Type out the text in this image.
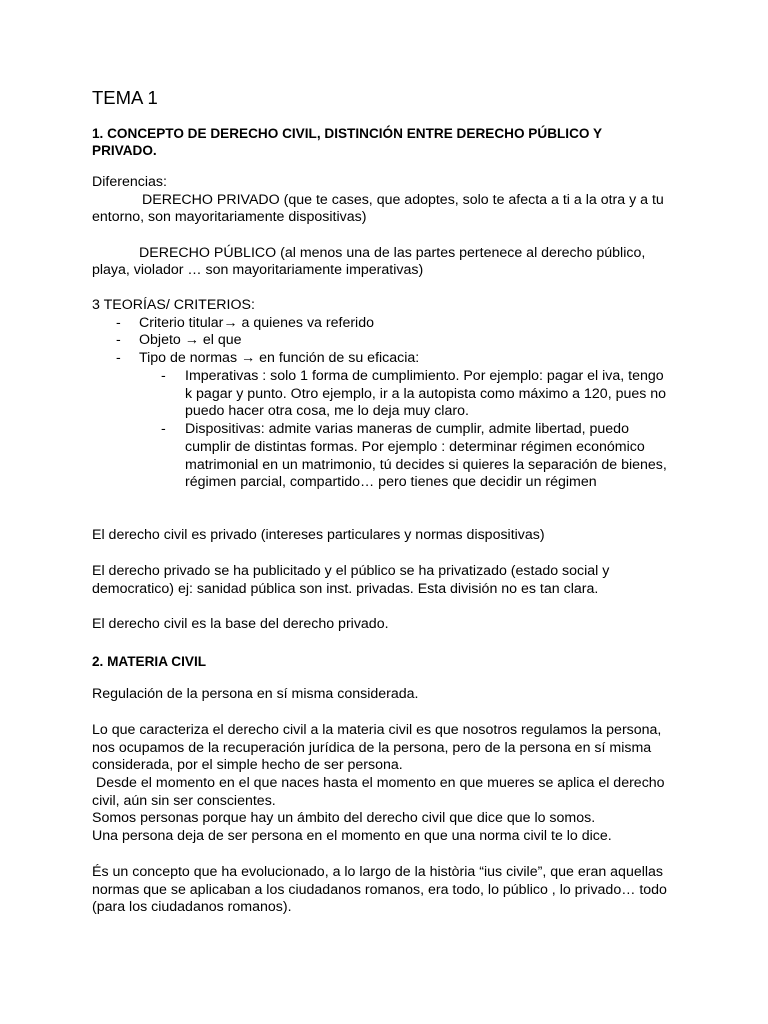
TEMA 1
1. CONCEPTO DE DERECHO CIVIL, DISTINCIÓN ENTRE DERECHO PÚBLICO Y
PRIVADO.
Diferencias:
DERECHO PRIVADO (que te cases, que adoptes, solo te afecta a ti a la otra y a tu
entorno, son mayoritariamente dispositivas)
DERECHO PÚBLICO (al menos una de las partes pertenece al derecho público,
playa, violador … son mayoritariamente imperativas)
3 TEORÍAS/ CRITERIOS:
- Criterio titular→ a quienes va referido
- Objeto → el que
- Tipo de normas → en función de su eficacia:
- Imperativas : solo 1 forma de cumplimiento. Por ejemplo: pagar el iva, tengo
k pagar y punto. Otro ejemplo, ir a la autopista como máximo a 120, pues no
puedo hacer otra cosa, me lo deja muy claro.
- Dispositivas: admite varias maneras de cumplir, admite libertad, puedo
cumplir de distintas formas. Por ejemplo : determinar régimen económico
matrimonial en un matrimonio, tú decides si quieres la separación de bienes,
régimen parcial, compartido… pero tienes que decidir un régimen
El derecho civil es privado (intereses particulares y normas dispositivas)
El derecho privado se ha publicitado y el público se ha privatizado (estado social y
democratico) ej: sanidad pública son inst. privadas. Esta división no es tan clara.
El derecho civil es la base del derecho privado.
2. MATERIA CIVIL
Regulación de la persona en sí misma considerada.
Lo que caracteriza el derecho civil a la materia civil es que nosotros regulamos la persona,
nos ocupamos de la recuperación jurídica de la persona, pero de la persona en sí misma
considerada, por el simple hecho de ser persona.
Desde el momento en el que naces hasta el momento en que mueres se aplica el derecho
civil, aún sin ser conscientes.
Somos personas porque hay un ámbito del derecho civil que dice que lo somos.
Una persona deja de ser persona en el momento en que una norma civil te lo dice.
És un concepto que ha evolucionado, a lo largo de la història “ius civile”, que eran aquellas
normas que se aplicaban a los ciudadanos romanos, era todo, lo público , lo privado… todo
(para los ciudadanos romanos).
